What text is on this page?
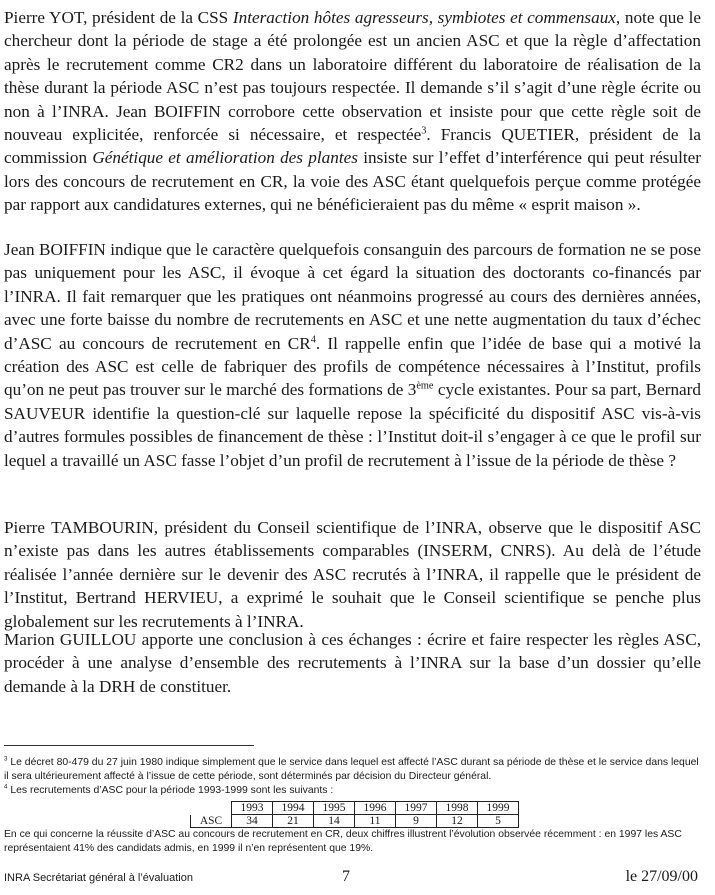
Pierre YOT, président de la CSS Interaction hôtes agresseurs, symbiotes et commensaux, note que le chercheur dont la période de stage a été prolongée est un ancien ASC et que la règle d’affectation après le recrutement comme CR2 dans un laboratoire différent du laboratoire de réalisation de la thèse durant la période ASC n’est pas toujours respectée. Il demande s’il s’agit d’une règle écrite ou non à l’INRA. Jean BOIFFIN corrobore cette observation et insiste pour que cette règle soit de nouveau explicitée, renforcée si nécessaire, et respectée$^3$. Francis QUETIER, président de la commission Génétique et amélioration des plantes insiste sur l’effet d’interférence qui peut résulter lors des concours de recrutement en CR, la voie des ASC étant quelquefois perçue comme protégée par rapport aux candidatures externes, qui ne bénéficieraient pas du même « esprit maison ».

Jean BOIFFIN indique que le caractère quelquefois consanguin des parcours de formation ne se pose pas uniquement pour les ASC, il évoque à cet égard la situation des doctorants co-financés par l’INRA. Il fait remarquer que les pratiques ont néanmoins progressé au cours des dernières années, avec une forte baisse du nombre de recrutements en ASC et une nette augmentation du taux d’échec d’ASC au concours de recrutement en $CR^4$. Il rappelle enfin que l’idée de base qui a motivé la création des ASC est celle de fabriquer des profils de compétence nécessaires à l’Institut, profils qu’on ne peut pas trouver sur le marché des formations de 3ème cycle existantes. Pour sa part, Bernard SAUVEUR identifie la question-clé sur laquelle repose la spécificité du dispositif ASC vis-à-vis d’autres formules possibles de financement de thèse : l’Institut doit-il s’engager à ce que le profil sur lequel a travaillé un ASC fasse l’objet d’un profil de recrutement à l’issue de la période de thèse ?

Pierre TAMBOURIN, président du Conseil scientifique de l’INRA, observe que le dispositif ASC n’existe pas dans les autres établissements comparables (INSERM, CNRS). Au delà de l’étude réalisée l’année dernière sur le devenir des ASC recrutés à l’INRA, il rappelle que le président de l’Institut, Bertrand HERVIEU, a exprimé le souhait que le Conseil scientifique se penche plus globalement sur les recrutements à l’INRA.

Marion GUILLOU apporte une conclusion à ces échanges : écrire et faire respecter les règles ASC, procéder à une analyse d’ensemble des recrutements à l’INRA sur la base d’un dossier qu’elle demande à la DRH de constituer.

$^3$ Le décret 80-479 du 27 juin 1980 indique simplement que le service dans lequel est affecté l’ASC durant sa période de thèse et le service dans lequel il sera ultérieurement affecté à l’issue de cette période, sont déterminés par décision du Directeur général.

$^4$ Les recrutements d’ASC pour la période 1993-1999 sont les suivants :

	1993	1994	1995	1996	1997	1998	1999
ASC	34	21	14	11	9	12	5

En ce qui concerne la réussite d’ASC au concours de recrutement en CR, deux chiffres illustrent l’évolution observée récemment : en 1997 les ASC représentaient 41% des candidats admis, en 1999 il n’en représentent que 19%.

INRA Secrétariat général à l’évaluation	7	le 27/09/00
